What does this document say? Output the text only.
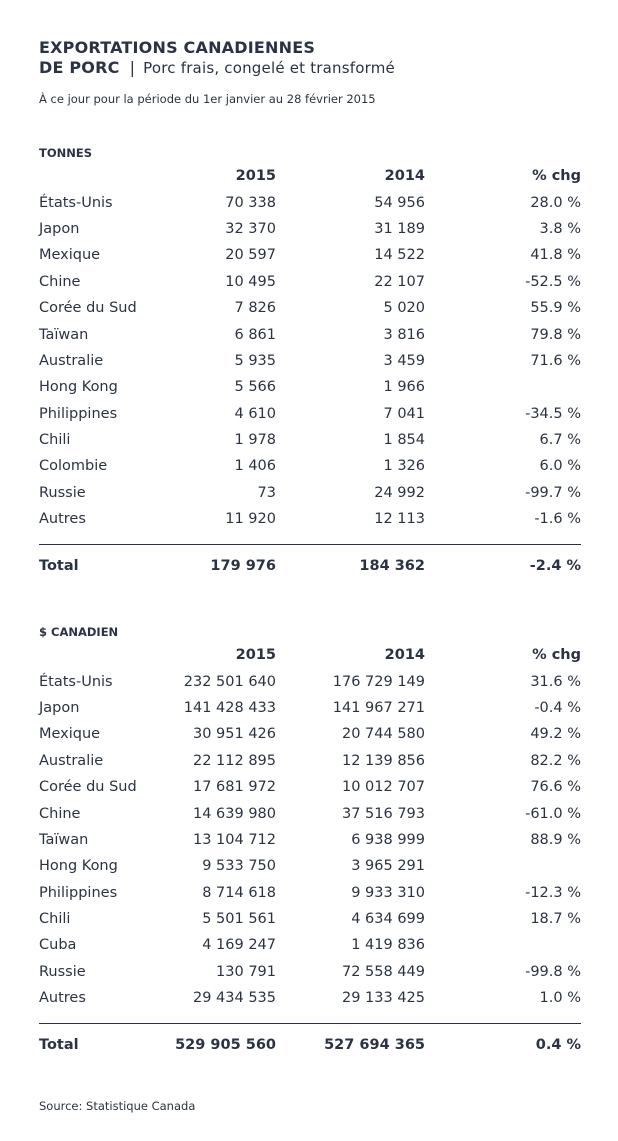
EXPORTATIONS CANADIENNES
DE PORC | Porc frais, congelé et transformé
À ce jour pour la période du 1er janvier au 28 février 2015
TONNES
	2015	2014	% chg
États-Unis	70 338	54 956	28.0 %
Japon	32 370	31 189	3.8 %
Mexique	20 597	14 522	41.8 %
Chine	10 495	22 107	-52.5 %
Corée du Sud	7 826	5 020	55.9 %
Taïwan	6 861	3 816	79.8 %
Australie	5 935	3 459	71.6 %
Hong Kong	5 566	1 966	
Philippines	4 610	7 041	-34.5 %
Chili	1 978	1 854	6.7 %
Colombie	1 406	1 326	6.0 %
Russie	73	24 992	-99.7 %
Autres	11 920	12 113	-1.6 %

Total	179 976	184 362	-2.4 %
$ CANADIEN
	2015	2014	% chg
États-Unis	232 501 640	176 729 149	31.6 %
Japon	141 428 433	141 967 271	-0.4 %
Mexique	30 951 426	20 744 580	49.2 %
Australie	22 112 895	12 139 856	82.2 %
Corée du Sud	17 681 972	10 012 707	76.6 %
Chine	14 639 980	37 516 793	-61.0 %
Taïwan	13 104 712	6 938 999	88.9 %
Hong Kong	9 533 750	3 965 291	
Philippines	8 714 618	9 933 310	-12.3 %
Chili	5 501 561	4 634 699	18.7 %
Cuba	4 169 247	1 419 836	
Russie	130 791	72 558 449	-99.8 %
Autres	29 434 535	29 133 425	1.0 %

Total	529 905 560	527 694 365	0.4 %
Source: Statistique Canada
